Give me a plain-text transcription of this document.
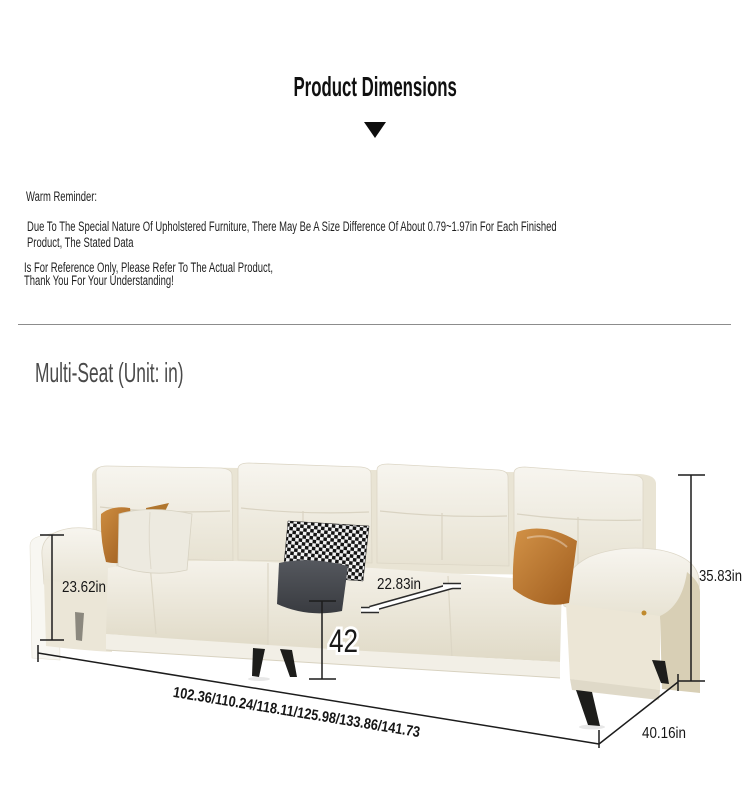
Product Dimensions
Warm Reminder:
Due To The Special Nature Of Upholstered Furniture, There May Be A Size Difference Of About 0.79~1.97in For Each Finished
Product, The Stated Data
Is For Reference Only, Please Refer To The Actual Product,
Thank You For Your Understanding!
Multi-Seat (Unit: in)
23.62in	22.83in
42
35.83in
40.16in
102.36/110.24/118.11/125.98/133.86/141.73
